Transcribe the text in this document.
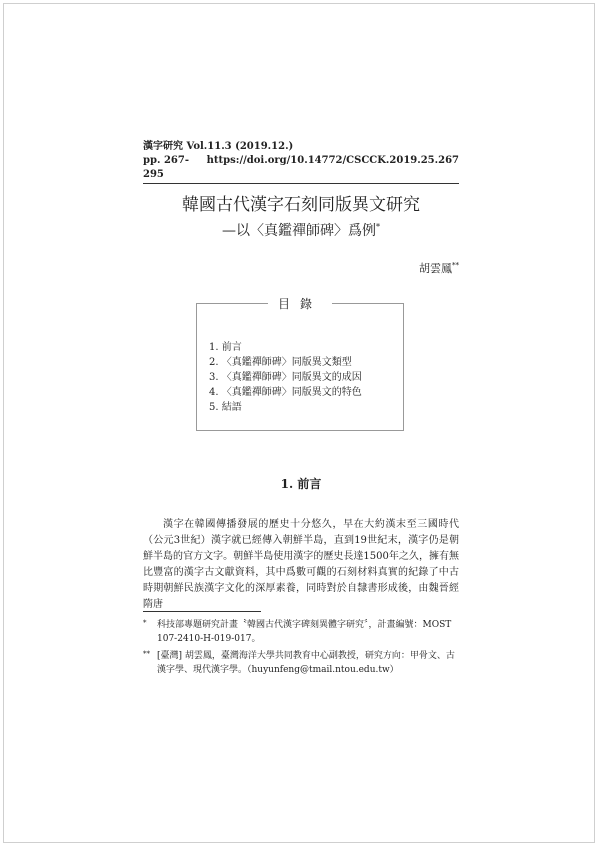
漢字研究 Vol.11.3 (2019.12.)
pp. 267-295
https://doi.org/10.14772/CSCCK.2019.25.267
韓國古代漢字石刻同版異文研究
—以〈真鑑禪師碑〉爲例*
胡雲鳳**
目錄
1. 前言
2. 〈真鑑禪師碑〉同版異文類型
3. 〈真鑑禪師碑〉同版異文的成因
4. 〈真鑑禪師碑〉同版異文的特色
5. 結語
1. 前言

漢字在韓國傳播發展的歷史十分悠久，早在大約漢末至三國時代（公元3世紀）漢字就已經傳入朝鮮半島，直到19世紀末，漢字仍是朝鮮半島的官方文字。朝鮮半島使用漢字的歷史長達1500年之久，擁有無比豐富的漢字古文獻資料，其中爲數可觀的石刻材料真實的紀錄了中古時期朝鮮民族漢字文化的深厚素養，同時對於自隸書形成後，由魏晉經隋唐

* 科技部專題研究計畫〝韓國古代漢字碑刻異體字研究〞，計畫編號：MOST 107-2410-H-019-017。
** [臺灣] 胡雲鳳，臺灣海洋大學共同教育中心副教授，研究方向：甲骨文、古漢字學、現代漢字學。（huyunfeng@tmail.ntou.edu.tw）
